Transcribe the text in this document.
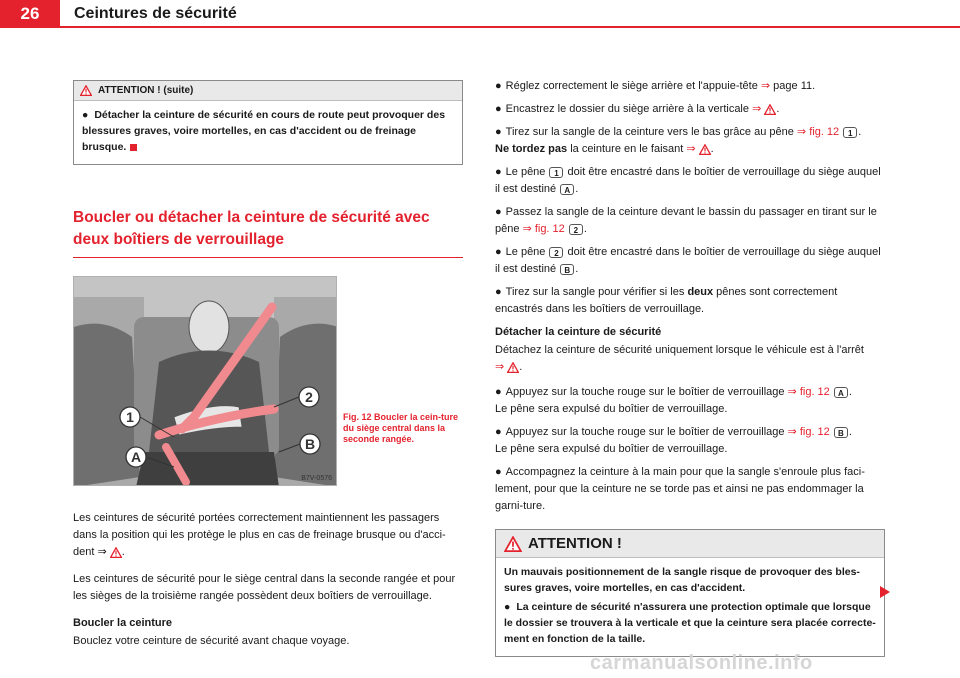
26	Ceintures de sécurité
ATTENTION ! (suite)

● Détacher la ceinture de sécurité en cours de route peut provoquer des blessures graves, voire mortelles, en cas d'accident ou de freinage brusque.

Boucler ou détacher la ceinture de sécurité avec deux boîtiers de verrouillage
1
2
A
B
B7V-0576
Fig. 12 Boucler la cein-ture du siège central dans la seconde rangée.
Les ceintures de sécurité portées correctement maintiennent les passagers dans la position qui les protège le plus en cas de freinage brusque ou d'acci-dent ⇒ .
Les ceintures de sécurité pour le siège central dans la seconde rangée et pour les sièges de la troisième rangée possèdent deux boîtiers de verrouillage.
Boucler la ceinture
Bouclez votre ceinture de sécurité avant chaque voyage.
● Réglez correctement le siège arrière et l'appuie-tête ⇒ page 11.
● Encastrez le dossier du siège arrière à la verticale ⇒ .
● Tirez sur la sangle de la ceinture vers le bas grâce au pêne ⇒ fig. 12 1 .
Ne tordez pas la ceinture en le faisant ⇒ .
● Le pêne 1 doit être encastré dans le boîtier de verrouillage du siège auquel il est destiné A .
● Passez la sangle de la ceinture devant le bassin du passager en tirant sur le pêne ⇒ fig. 12 2 .
● Le pêne 2 doit être encastré dans le boîtier de verrouillage du siège auquel il est destiné B .
● Tirez sur la sangle pour vérifier si les deux pênes sont correctement encastrés dans les boîtiers de verrouillage.
Détacher la ceinture de sécurité
Détachez la ceinture de sécurité uniquement lorsque le véhicule est à l'arrêt
⇒ .
● Appuyez sur la touche rouge sur le boîtier de verrouillage ⇒ fig. 12 A .
Le pêne sera expulsé du boîtier de verrouillage.
● Appuyez sur la touche rouge sur le boîtier de verrouillage ⇒ fig. 12 B .
Le pêne sera expulsé du boîtier de verrouillage.
● Accompagnez la ceinture à la main pour que la sangle s'enroule plus faci-lement, pour que la ceinture ne se torde pas et ainsi ne pas endommager la garni-ture.
ATTENTION !

Un mauvais positionnement de la sangle risque de provoquer des bles-sures graves, voire mortelles, en cas d'accident.

● La ceinture de sécurité n'assurera une protection optimale que lorsque le dossier se trouvera à la verticale et que la ceinture sera placée correcte-ment en fonction de la taille.

carmanualsonline.info
